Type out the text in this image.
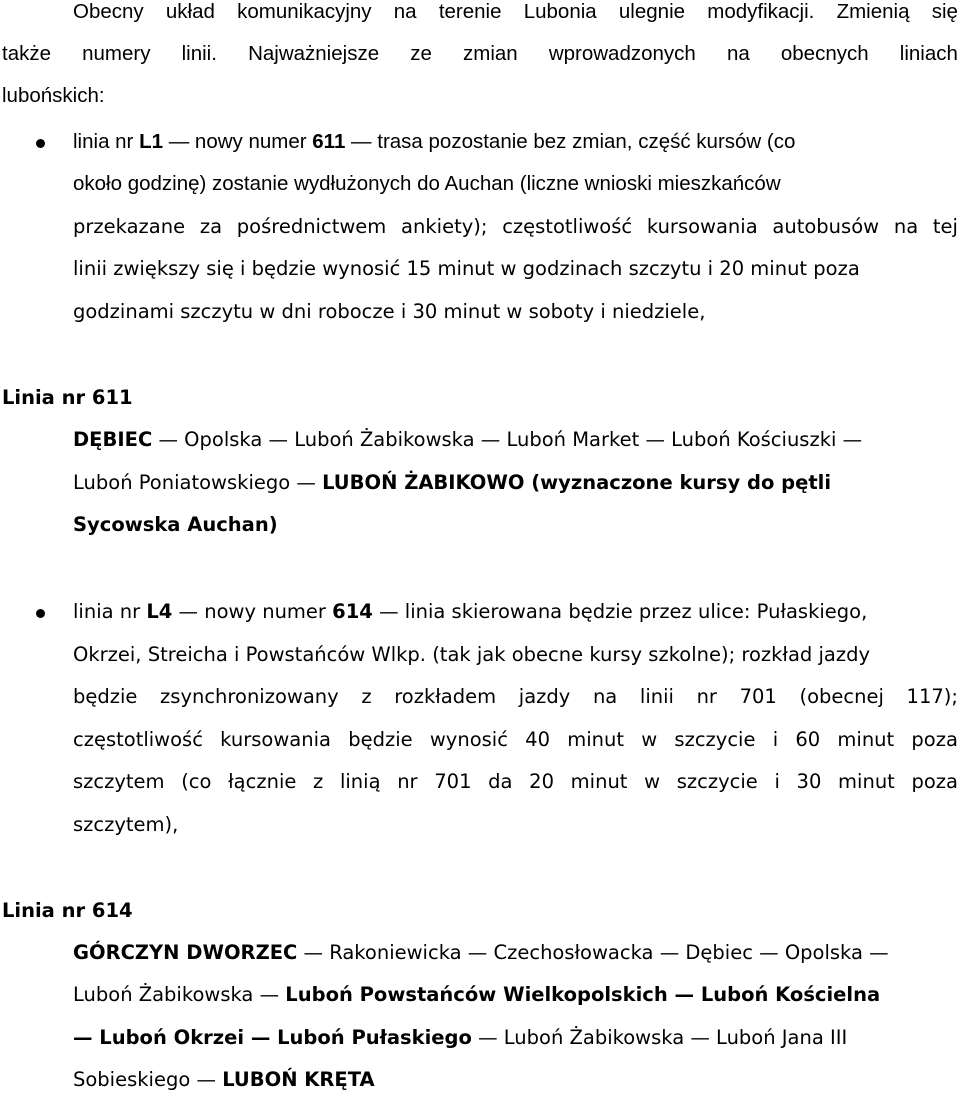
Obecny układ komunikacyjny na terenie Lubonia ulegnie modyfikacji. Zmienią się
także numery linii. Najważniejsze ze zmian wprowadzonych na obecnych liniach
lubońskich:
linia nr L1 — nowy numer 611 — trasa pozostanie bez zmian, część kursów (co
około godzinę) zostanie wydłużonych do Auchan (liczne wnioski mieszkańców
przekazane za pośrednictwem ankiety); częstotliwość kursowania autobusów na tej
linii zwiększy się i będzie wynosić 15 minut w godzinach szczytu i 20 minut poza
godzinami szczytu w dni robocze i 30 minut w soboty i niedziele,
Linia nr 611
DĘBIEC — Opolska — Luboń Żabikowska — Luboń Market — Luboń Kościuszki —
Luboń Poniatowskiego — LUBOŃ ŻABIKOWO (wyznaczone kursy do pętli
Sycowska Auchan)
linia nr L4 — nowy numer 614 — linia skierowana będzie przez ulice: Pułaskiego,
Okrzei, Streicha i Powstańców Wlkp. (tak jak obecne kursy szkolne); rozkład jazdy
będzie zsynchronizowany z rozkładem jazdy na linii nr 701 (obecnej 117);
częstotliwość kursowania będzie wynosić 40 minut w szczycie i 60 minut poza
szczytem (co łącznie z linią nr 701 da 20 minut w szczycie i 30 minut poza
szczytem),
Linia nr 614
GÓRCZYN DWORZEC — Rakoniewicka — Czechosłowacka — Dębiec — Opolska —
Luboń Żabikowska — Luboń Powstańców Wielkopolskich — Luboń Kościelna
— Luboń Okrzei — Luboń Pułaskiego — Luboń Żabikowska — Luboń Jana III
Sobieskiego — LUBOŃ KRĘTA
